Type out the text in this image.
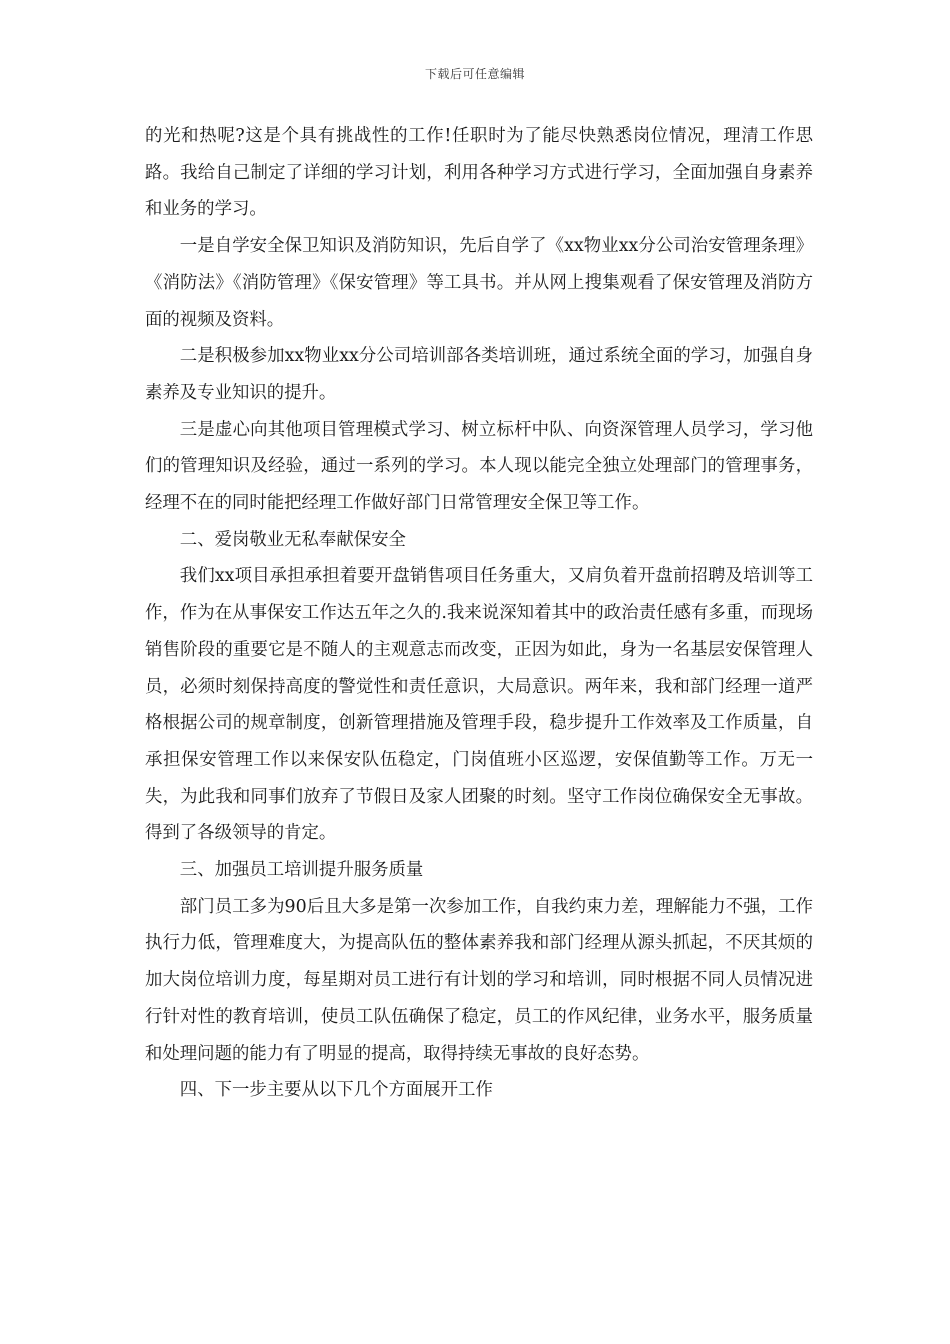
下载后可任意编辑

的光和热呢?这是个具有挑战性的工作!任职时为了能尽快熟悉岗位情况，理清工作思路。我给自己制定了详细的学习计划，利用各种学习方式进行学习，全面加强自身素养和业务的学习。

一是自学安全保卫知识及消防知识，先后自学了《xx物业xx分公司治安管理条理》《消防法》《消防管理》《保安管理》等工具书。并从网上搜集观看了保安管理及消防方面的视频及资料。

二是积极参加xx物业xx分公司培训部各类培训班，通过系统全面的学习，加强自身素养及专业知识的提升。

三是虚心向其他项目管理模式学习、树立标杆中队、向资深管理人员学习，学习他们的管理知识及经验，通过一系列的学习。本人现以能完全独立处理部门的管理事务，经理不在的同时能把经理工作做好部门日常管理安全保卫等工作。

二、爱岗敬业无私奉献保安全

我们xx项目承担承担着要开盘销售项目任务重大，又肩负着开盘前招聘及培训等工作，作为在从事保安工作达五年之久的.我来说深知着其中的政治责任感有多重，而现场销售阶段的重要它是不随人的主观意志而改变，正因为如此，身为一名基层安保管理人员，必须时刻保持高度的警觉性和责任意识，大局意识。两年来，我和部门经理一道严格根据公司的规章制度，创新管理措施及管理手段，稳步提升工作效率及工作质量，自承担保安管理工作以来保安队伍稳定，门岗值班小区巡逻，安保值勤等工作。万无一失，为此我和同事们放弃了节假日及家人团聚的时刻。坚守工作岗位确保安全无事故。得到了各级领导的肯定。

三、加强员工培训提升服务质量

部门员工多为90后且大多是第一次参加工作，自我约束力差，理解能力不强，工作执行力低，管理难度大，为提高队伍的整体素养我和部门经理从源头抓起，不厌其烦的加大岗位培训力度，每星期对员工进行有计划的学习和培训，同时根据不同人员情况进行针对性的教育培训，使员工队伍确保了稳定，员工的作风纪律，业务水平，服务质量和处理问题的能力有了明显的提高，取得持续无事故的良好态势。

四、下一步主要从以下几个方面展开工作
